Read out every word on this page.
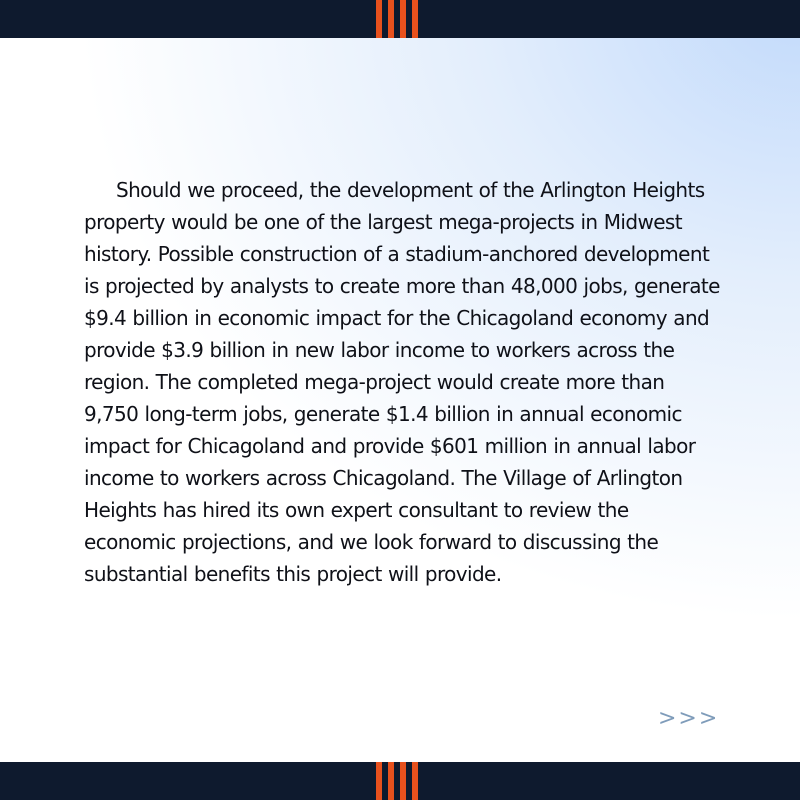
Should we proceed, the development of the Arlington Heights property would be one of the largest mega-projects in Midwest history. Possible construction of a stadium-anchored development is projected by analysts to create more than 48,000 jobs, generate $9.4 billion in economic impact for the Chicagoland economy and provide $3.9 billion in new labor income to workers across the region. The completed mega-project would create more than 9,750 long-term jobs, generate $1.4 billion in annual economic impact for Chicagoland and provide $601 million in annual labor income to workers across Chicagoland. The Village of Arlington Heights has hired its own expert consultant to review the economic projections, and we look forward to discussing the substantial benefits this project will provide.

>>>
